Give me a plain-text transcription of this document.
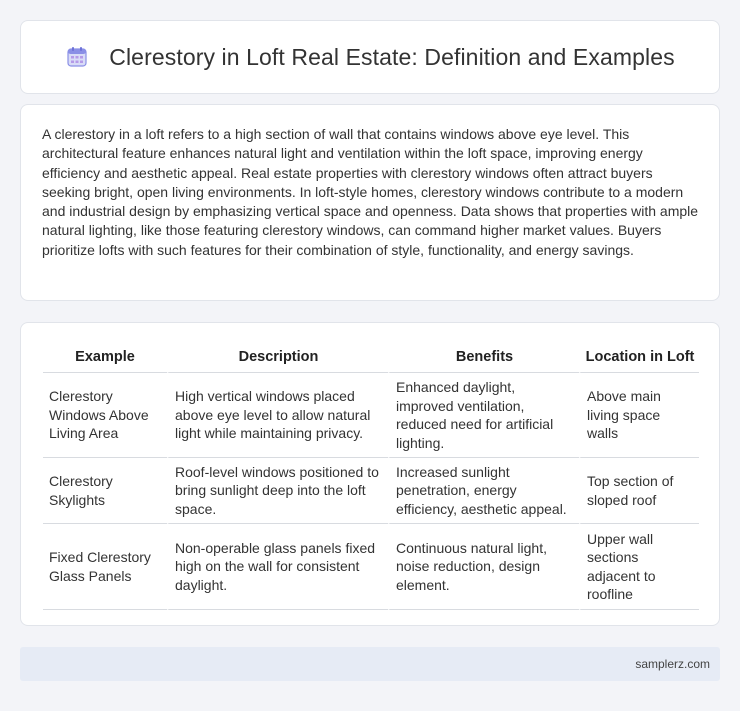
Clerestory in Loft Real Estate: Definition and Examples

A clerestory in a loft refers to a high section of wall that contains windows above eye level. This architectural feature enhances natural light and ventilation within the loft space, improving energy efficiency and aesthetic appeal. Real estate properties with clerestory windows often attract buyers seeking bright, open living environments. In loft-style homes, clerestory windows contribute to a modern and industrial design by emphasizing vertical space and openness. Data shows that properties with ample natural lighting, like those featuring clerestory windows, can command higher market values. Buyers prioritize lofts with such features for their combination of style, functionality, and energy savings.

Example	Description	Benefits	Location in Loft
Clerestory Windows Above Living Area	High vertical windows placed above eye level to allow natural light while maintaining privacy.	Enhanced daylight, improved ventilation, reduced need for artificial lighting.	Above main living space walls
Clerestory Skylights	Roof-level windows positioned to bring sunlight deep into the loft space.	Increased sunlight penetration, energy efficiency, aesthetic appeal.	Top section of sloped roof
Fixed Clerestory Glass Panels	Non-operable glass panels fixed high on the wall for consistent daylight.	Continuous natural light, noise reduction, design element.	Upper wall sections adjacent to roofline
samplerz.com
